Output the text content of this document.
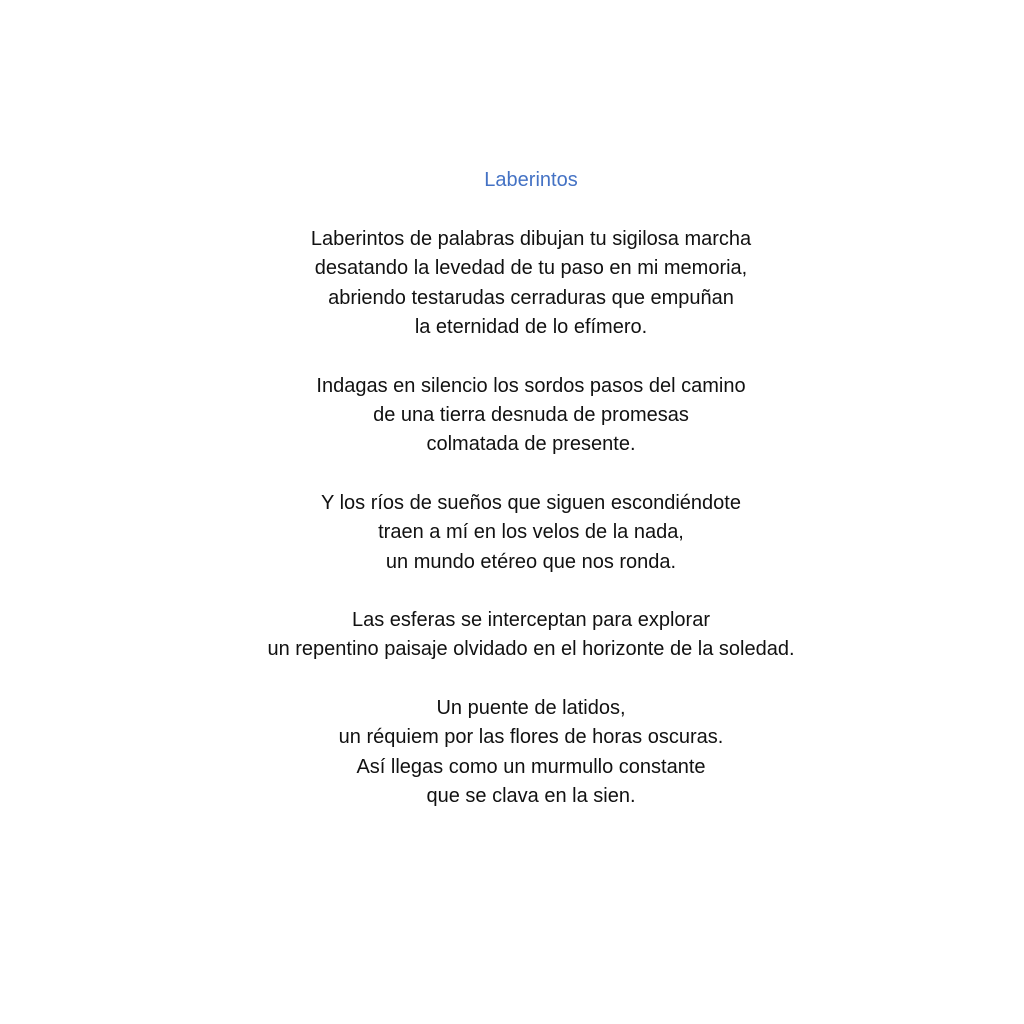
Laberintos
Laberintos de palabras dibujan tu sigilosa marcha
desatando la levedad de tu paso en mi memoria,
abriendo testarudas cerraduras que empuñan
la eternidad de lo efímero.
Indagas en silencio los sordos pasos del camino
de una tierra desnuda de promesas
colmatada de presente.
Y los ríos de sueños que siguen escondiéndote
traen a mí en los velos de la nada,
un mundo etéreo que nos ronda.
Las esferas se interceptan para explorar
un repentino paisaje olvidado en el horizonte de la soledad.
Un puente de latidos,
un réquiem por las flores de horas oscuras.
Así llegas como un murmullo constante
que se clava en la sien.
